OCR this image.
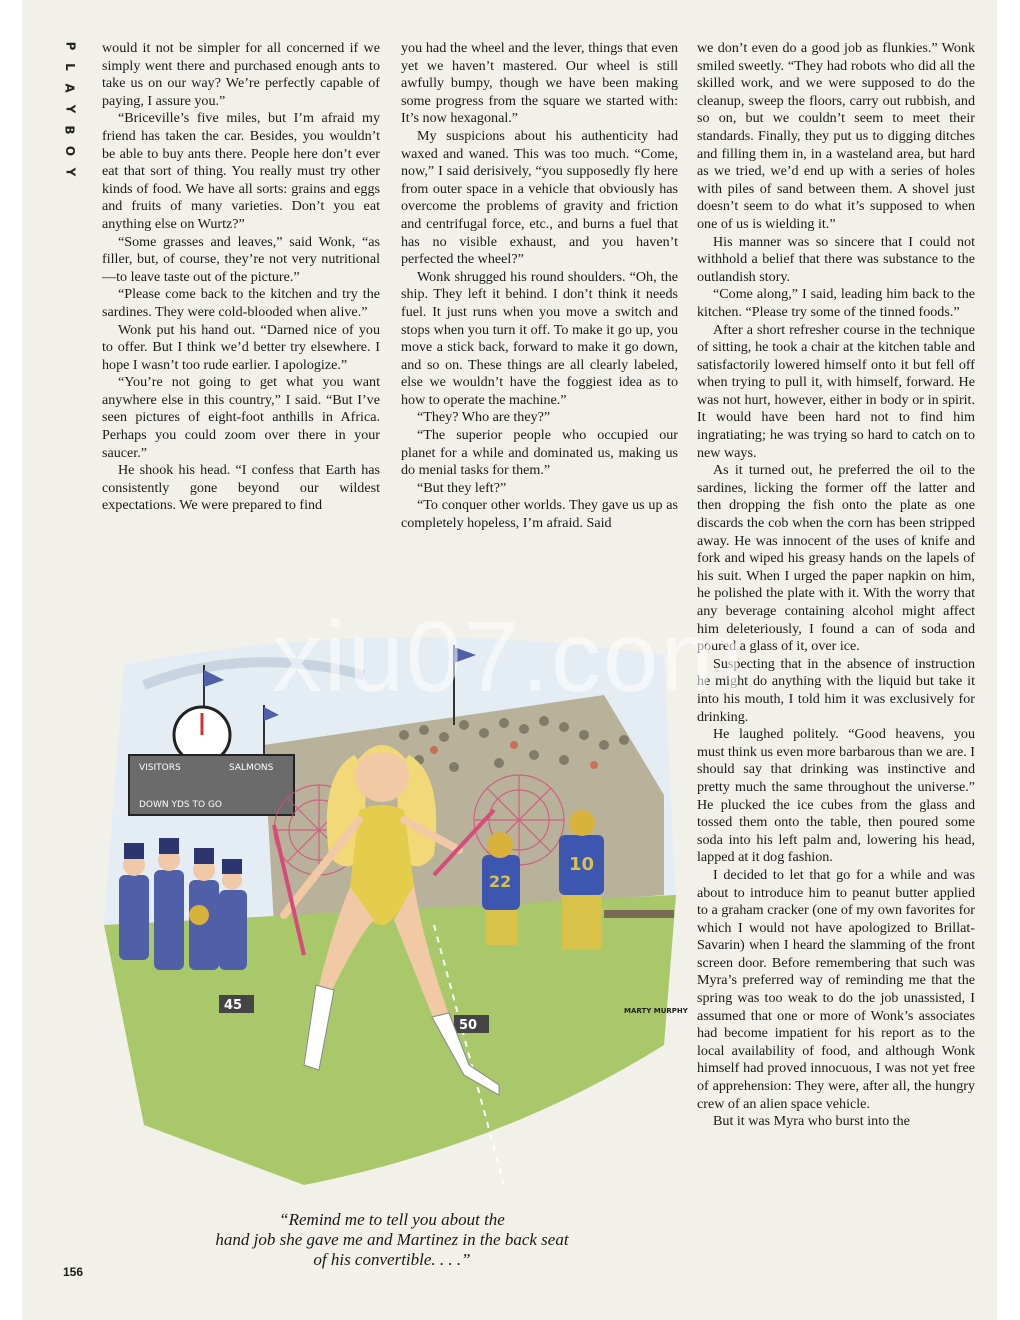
P
L
A
Y
B
O
Y

would it not be simpler for all concerned if we simply went there and purchased enough ants to take us on our way? We’re perfectly capable of paying, I assure you.”

“Briceville’s five miles, but I’m afraid my friend has taken the car. Besides, you wouldn’t be able to buy ants there. People here don’t ever eat that sort of thing. You really must try other kinds of food. We have all sorts: grains and eggs and fruits of many varieties. Don’t you eat anything else on Wurtz?”

“Some grasses and leaves,” said Wonk, “as filler, but, of course, they’re not very nutritional—to leave taste out of the picture.”

“Please come back to the kitchen and try the sardines. They were cold-blooded when alive.”

Wonk put his hand out. “Darned nice of you to offer. But I think we’d better try elsewhere. I hope I wasn’t too rude earlier. I apologize.”

“You’re not going to get what you want anywhere else in this country,” I said. “But I’ve seen pictures of eight-foot anthills in Africa. Perhaps you could zoom over there in your saucer.”

He shook his head. “I confess that Earth has consistently gone beyond our wildest expectations. We were prepared to find

you had the wheel and the lever, things that even yet we haven’t mastered. Our wheel is still awfully bumpy, though we have been making some progress from the square we started with: It’s now hexagonal.”

My suspicions about his authenticity had waxed and waned. This was too much. “Come, now,” I said derisively, “you supposedly fly here from outer space in a vehicle that obviously has overcome the problems of gravity and friction and centrifugal force, etc., and burns a fuel that has no visible exhaust, and you haven’t perfected the wheel?”

Wonk shrugged his round shoulders. “Oh, the ship. They left it behind. I don’t think it needs fuel. It just runs when you move a switch and stops when you turn it off. To make it go up, you move a stick back, forward to make it go down, and so on. These things are all clearly labeled, else we wouldn’t have the foggiest idea as to how to operate the machine.”

“They? Who are they?”

“The superior people who occupied our planet for a while and dominated us, making us do menial tasks for them.”

“But they left?”

“To conquer other worlds. They gave us up as completely hopeless, I’m afraid. Said

we don’t even do a good job as flunkies.” Wonk smiled sweetly. “They had robots who did all the skilled work, and we were supposed to do the cleanup, sweep the floors, carry out rubbish, and so on, but we couldn’t seem to meet their standards. Finally, they put us to digging ditches and filling them in, in a wasteland area, but hard as we tried, we’d end up with a series of holes with piles of sand between them. A shovel just doesn’t seem to do what it’s supposed to when one of us is wielding it.”

His manner was so sincere that I could not withhold a belief that there was substance to the outlandish story.

“Come along,” I said, leading him back to the kitchen. “Please try some of the tinned foods.”

After a short refresher course in the technique of sitting, he took a chair at the kitchen table and satisfactorily lowered himself onto it but fell off when trying to pull it, with himself, forward. He was not hurt, however, either in body or in spirit. It would have been hard not to find him ingratiating; he was trying so hard to catch on to new ways.

As it turned out, he preferred the oil to the sardines, licking the former off the latter and then dropping the fish onto the plate as one discards the cob when the corn has been stripped away. He was innocent of the uses of knife and fork and wiped his greasy hands on the lapels of his suit. When I urged the paper napkin on him, he polished the plate with it. With the worry that any beverage containing alcohol might affect him deleteriously, I found a can of soda and poured a glass of it, over ice.

Suspecting that in the absence of instruction he might do anything with the liquid but take it into his mouth, I told him it was exclusively for drinking.

He laughed politely. “Good heavens, you must think us even more barbarous than we are. I should say that drinking was instinctive and pretty much the same throughout the universe.” He plucked the ice cubes from the glass and tossed them onto the table, then poured some soda into his left palm and, lowering his head, lapped at it dog fashion.

I decided to let that go for a while and was about to introduce him to peanut butter applied to a graham cracker (one of my own favorites for which I would not have apologized to Brillat-Savarin) when I heard the slamming of the front screen door. Before remembering that such was Myra’s preferred way of reminding me that the spring was too weak to do the job unassisted, I assumed that one or more of Wonk’s associates had become impatient for his report as to the local availability of food, and although Wonk himself had proved innocuous, I was not yet free of apprehension: They were, after all, the hungry crew of an alien space vehicle.

But it was Myra who burst into the

VISITORS	SALMONS
DOWN YDS TO GO
45
50
22
10
MARTY MURPHY
“Remind me to tell you about the
hand job she gave me and Martinez in the back seat
of his convertible. . . .”
156
xiu07.com
